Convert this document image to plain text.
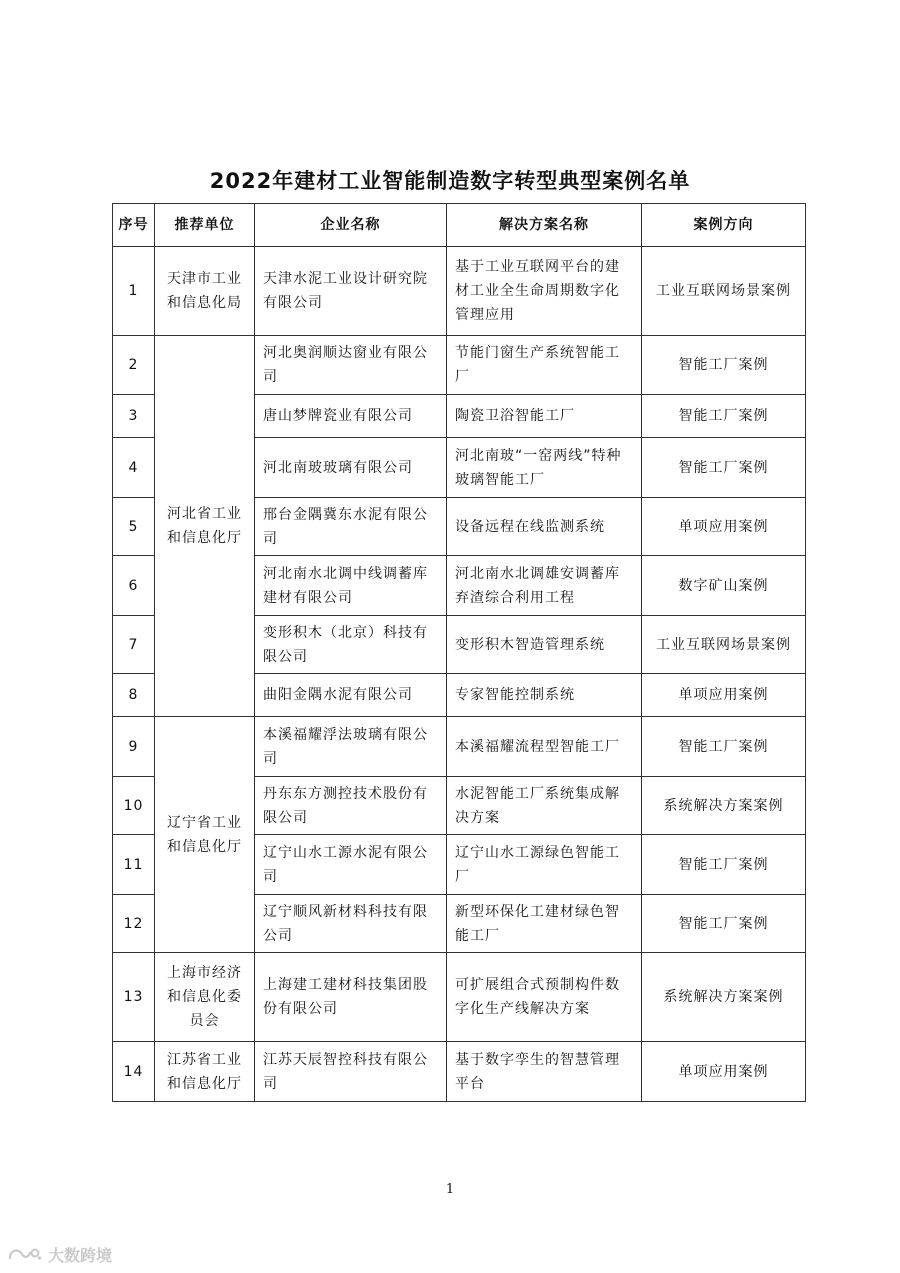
2022年建材工业智能制造数字转型典型案例名单
序号	推荐单位	企业名称	解决方案名称	案例方向
1	天津市工业和信息化局	天津水泥工业设计研究院有限公司	基于工业互联网平台的建材工业全生命周期数字化管理应用	工业互联网场景案例
2	河北省工业和信息化厅	河北奥润顺达窗业有限公司	节能门窗生产系统智能工厂	智能工厂案例
3		唐山梦牌瓷业有限公司	陶瓷卫浴智能工厂	智能工厂案例
4		河北南玻玻璃有限公司	河北南玻“一窑两线”特种玻璃智能工厂	智能工厂案例
5		邢台金隅冀东水泥有限公司	设备远程在线监测系统	单项应用案例
6		河北南水北调中线调蓄库建材有限公司	河北南水北调雄安调蓄库弃渣综合利用工程	数字矿山案例
7		变形积木（北京）科技有限公司	变形积木智造管理系统	工业互联网场景案例
8		曲阳金隅水泥有限公司	专家智能控制系统	单项应用案例
9	辽宁省工业和信息化厅	本溪福耀浮法玻璃有限公司	本溪福耀流程型智能工厂	智能工厂案例
10		丹东东方测控技术股份有限公司	水泥智能工厂系统集成解决方案	系统解决方案案例
11		辽宁山水工源水泥有限公司	辽宁山水工源绿色智能工厂	智能工厂案例
12		辽宁顺风新材料科技有限公司	新型环保化工建材绿色智能工厂	智能工厂案例
13	上海市经济和信息化委员会	上海建工建材科技集团股份有限公司	可扩展组合式预制构件数字化生产线解决方案	系统解决方案案例
14	江苏省工业和信息化厅	江苏天辰智控科技有限公司	基于数字孪生的智慧管理平台	单项应用案例
1
大数跨境
